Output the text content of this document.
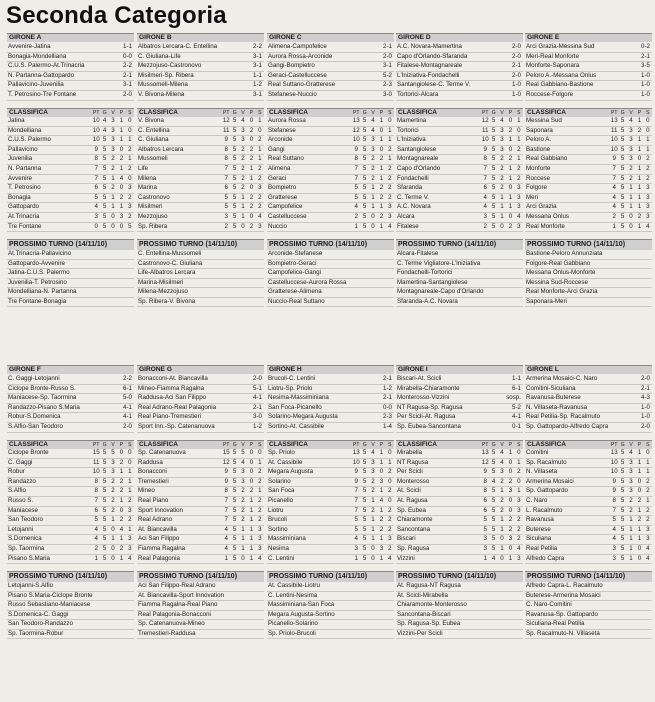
Seconda Categoria
GIRONE A
Avvenire-Jatina	1-1
Bonagia-Mondelliana	0-0
C.U.S. Palermo-At.Trinacria	2-2
N. Partanna-Gattopardo	2-1
Pallavicino-Juvenilia	3-1
T. Petrosino-Tre Fontane	2-0
CLASSIFICA	PT G V	P	S
Jatina	10 4 3 1 0
Mondelliana	10 4 3 1 0
C.U.S. Palermo	10 5 3 1 1
Pallavicino	9 5 3 0 2
Juvenilia	8 5 2 2 1
N. Partanna	7 5 2 1 2
Avvenire	7 5 1 4 0
T. Petrosino	6 5 2 0 3
Bonagia	5 5 1 2 2
Gattopardo	4 5 1 1 3
At.Trinacria	3 5 0 3 2
Tre Fontane	0 5 0 0 5
PROSSIMO TURNO (14/11/10)
At.Trinacria-Pallavicino
Gattopardo-Avvenire
Jatina-C.U.S. Palermo
Juvenilia-T. Petrosino
Mondelliana-N. Partanna
Tre Fontane-Bonagia
GIRONE B
Albatros Lercara-C. Entellina	2-2
C. Giuliana-Life	3-1
Mezzojuso-Castronovo	3-1
Misilmeri-Sp. Ribera	1-1
Mussomeli-Milena	1-2
V. Bivona-Milena	3-1
CLASSIFICA	PT G V	P	S
V. Bivona	12 5 4 0 1
C. Entellina	11 5 3 2 0
C. Giuliana	9 5 3 0 2
Albatros Lercara	8 5 2 2 1
Mussomeli	8 5 2 2 1
Life	7 5 2 1 2
Milena	7 5 2 1 2
Marina	6 5 2 0 3
Castronovo	5 5 1 2 2
Misilmeri	5 5 1 2 2
Mezzojuso	3 5 1 0 4
Sp. Ribera	2 5 0 2 3
PROSSIMO TURNO (14/11/10)
C. Entellina-Mussomeli
Castronovo-C. Giuliana
Life-Albatros Lercara
Marina-Misilmeri
Milena-Mezzojuso
Sp. Ribera-V. Bivona
GIRONE C
Alimena-Campofelice	2-1
Aurora Rossa-Arconide	2-0
Gangi-Bompietro	3-1
Geraci-Castelluccese	5-2
Real Suttano-Gratterese	2-3
Stefanese-Nuccio	3-0
CLASSIFICA	PT G V	P	S
Aurora Rossa	13 5 4 1 0
Stefanese	12 5 4 0 1
Arconide	10 5 3 1 1
Gangi	9 5 3 0 2
Real Suttano	8 5 2 2 1
Alimena	7 5 2 1 2
Geraci	7 5 2 1 2
Bompietro	5 5 1 2 2
Gratterese	5 5 1 2 2
Campofelice	4 5 1 1 3
Castelluccese	2 5 0 2 3
Nuccio	1 5 0 1 4
PROSSIMO TURNO (14/11/10)
Arconide-Stefanese
Bompietro-Geraci
Campofelice-Gangi
Castelluccese-Aurora Rossa
Gratterese-Alimena
Nuccio-Real Suttano
GIRONE D
A.C. Novara-Mamertina	2-0
Capo d'Orlando-Sfaranda	2-0
Fitalese-Montagnareale	2-1
L'Iniziativa-Fondachelli	2-0
Santangiolese-C. Terme V.	1-0
Tortorici-Alcara	1-0
CLASSIFICA	PT G V	P	S
Mamertina	12 5 4 0 1
Tortorici	11 5 3 2 0
L'Iniziativa	10 5 3 1 1
Santangiolese	9 5 3 0 2
Montagnareale	8 5 2 2 1
Capo d'Orlando	7 5 2 1 2
Fondachelli	7 5 2 1 2
Sfaranda	6 5 2 0 3
C. Terme V.	4 5 1 1 3
A.C. Novara	4 5 1 1 3
Alcara	3 5 1 0 4
Fitalese	2 5 0 2 3
PROSSIMO TURNO (14/11/10)
Alcara-Fitalese
C. Terme Vigliatore-L'Iniziativa
Fondachelli-Tortorici
Mamertina-Santangiolese
Montagnareale-Capo d'Orlando
Sfaranda-A.C. Novara
GIRONE E
Arci Grazia-Messina Sud	0-2
Meri-Real Monforte	2-1
Monforte-Saponara	3-5
Peloro A.-Messana Onlus	1-0
Real Gabbiano-Bastione	1-0
Roccese-Folgore	1-0
CLASSIFICA	PT G V	P	S
Messina Sud	13 5 4 1 0
Saponara	11 5 3 2 0
Peloro A.	10 5 3 1 1
Bastione	10 5 3 1 1
Real Gabbiano	9 5 3 0 2
Monforte	7 5 2 1 2
Roccese	7 5 2 1 2
Folgore	4 5 1 1 3
Meri	4 5 1 1 3
Arci Grazia	4 5 1 1 3
Messana Onlus	2 5 0 2 3
Real Monforte	1 5 0 1 4
PROSSIMO TURNO (14/11/10)
Bastione-Peloro Annunziata
Folgore-Real Gabbiano
Messana Onlus-Monforte
Messina Sud-Roccese
Real Monforte-Arci Grazia
Saponara-Meri
GIRONE F
C. Gaggi-Letojanni	2-2
Ciclope Bronte-Russo S.	6-1
Maniacese-Sp. Taormina	5-0
Randazzo-Pisano S.Maria	4-1
Robur-S.Domenica	4-1
S.Alfio-San Teodoro	2-0
CLASSIFICA	PT G V	P	S
Ciclope Bronte	15 5 5 0 0
C. Gaggi	11 5 3 2 0
Robur	10 5 3 1 1
Randazzo	8 5 2 2 1
S.Alfio	8 5 2 2 1
Russo S.	7 5 2 1 2
Maniacese	6 5 2 0 3
San Teodoro	5 5 1 2 2
Letojanni	4 5 0 4 1
S.Domenica	4 5 1 1 3
Sp. Taormina	2 5 0 2 3
Pisano S.Maria	1 5 0 1 4
PROSSIMO TURNO (14/11/10)
Letojanni-S.Alfio
Pisano S.Maria-Ciclope Bronte
Russo Sebastiano-Maniacese
S.Domenica-C. Gaggi
San Teodoro-Randazzo
Sp. Taormina-Robur
GIRONE G
Bonacconi-At. Biancavilla	2-0
Mineo-Fiamma Ragalna	5-1
Raddusa-Aci San Filippo	4-1
Real Adrano-Real Palagonia	2-1
Real Piano-Tremestieri	3-0
Sport Inn.-Sp. Catenanuova	1-2
CLASSIFICA	PT G V	P	S
Sp. Catenanuova	15 5 5 0 0
Raddusa	12 5 4 0 1
Bonacconi	9 5 3 0 2
Tremestieri	9 5 3 0 2
Mineo	8 5 2 2 1
Real Piano	7 5 2 1 2
Sport Innovation	7 5 2 1 2
Real Adrano	7 5 2 1 2
At. Biancavilla	4 5 1 1 3
Aci San Filippo	4 5 1 1 3
Fiamma Ragalna	4 5 1 1 3
Real Palagonia	1 5 0 1 4
PROSSIMO TURNO (14/11/10)
Aci San Filippo-Real Adrano
At. Biancavilla-Sport Innovation
Fiamma Ragalna-Real Piano
Real Palagonia-Bonacconi
Sp. Catenanuova-Mineo
Tremestieri-Raddusa
GIRONE H
Brucoli-C. Lentini	2-1
Liotru-Sp. Priolo	1-2
Nesima-Massiminiana	2-1
San Foca-Picanello	0-0
Solarino-Megara Augusta	2-3
Sortino-At. Cassibile	1-4
CLASSIFICA	PT G V	P	S
Sp. Priolo	13 5 4 1 0
At. Cassibile	10 5 3 1 1
Megara Augusta	9 5 3 0 2
Solarino	9 5 2 3 0
San Foca	7 5 2 1 2
Picanello	7 5 1 4 0
Liotru	7 5 2 1 2
Brucoli	5 5 1 2 2
Sortino	5 5 1 2 2
Massiminiana	4 5 1 1 3
Nesima	3 5 0 3 2
C. Lentini	1 5 0 1 4
PROSSIMO TURNO (14/11/10)
At. Cassibile-Liotru
C. Lentini-Nesima
Massiminiana-San Foca
Megara Augusta-Sortino
Picanello-Solarino
Sp. Priolo-Brucoli
GIRONE I
Biscari-At. Scicli	1-1
Mirabella-Chiaramonte	6-1
Monterosso-Vizzini	sosp.
NT Ragusa-Sp. Ragusa	5-2
Per Scicli-At. Ragusa	4-1
Sp. Eubea-Sancontana	0-1
CLASSIFICA	PT G V	P	S
Mirabella	13 5 4 1 0
NT Ragusa	12 5 4 0 1
Per Scicli	9 5 3 0 2
Monterosso	8 4 2 2 0
At. Scicli	8 5 1 3 1
At. Ragusa	6 5 2 0 3
Sp. Eubea	6 5 2 0 3
Chiaramonte	5 5 1 2 2
Sancontana	5 5 1 2 2
Biscari	3 5 0 3 2
Sp. Ragusa	3 5 1 0 4
Vizzini	1 4 0 1 3
PROSSIMO TURNO (14/11/10)
At. Ragusa-NT Ragusa
At. Scicli-Mirabella
Chiaramonte-Monterosso
Sancontana-Biscari
Sp. Ragusa-Sp. Eubea
Vizzini-Per Scicli
GIRONE L
Armerina Mosaici-C. Naro	2-0
Comitini-Siculiana	2-1
Ravanusa-Buterese	4-3
N. Villaseta-Ravanusa	1-0
Real Petilia-Sp. Racalmuto	1-0
Sp. Gattopardo-Alfredo Capra	2-0
CLASSIFICA	PT G V	P	S
Comitini	13 5 4 1 0
Sp. Racalmuto	10 5 3 1 1
N. Villaseta	10 5 3 1 1
Armerina Mosaici	9 5 3 0 2
Sp. Gattopardo	9 5 3 0 2
C. Naro	8 5 2 2 1
L. Racalmuto	7 5 2 1 2
Ravanusa	5 5 1 2 2
Buterese	4 5 1 1 3
Siculiana	4 5 1 1 3
Real Petilia	3 5 1 0 4
Alfredo Capra	3 5 1 0 4
PROSSIMO TURNO (14/11/10)
Alfredo Capra-L. Racalmuto
Buterese-Armerina Mosaici
C. Naro-Comitini
Ravanusa-Sp. Gattopardo
Siculiana-Real Petilia
Sp. Racalmuto-N. Villaseta
